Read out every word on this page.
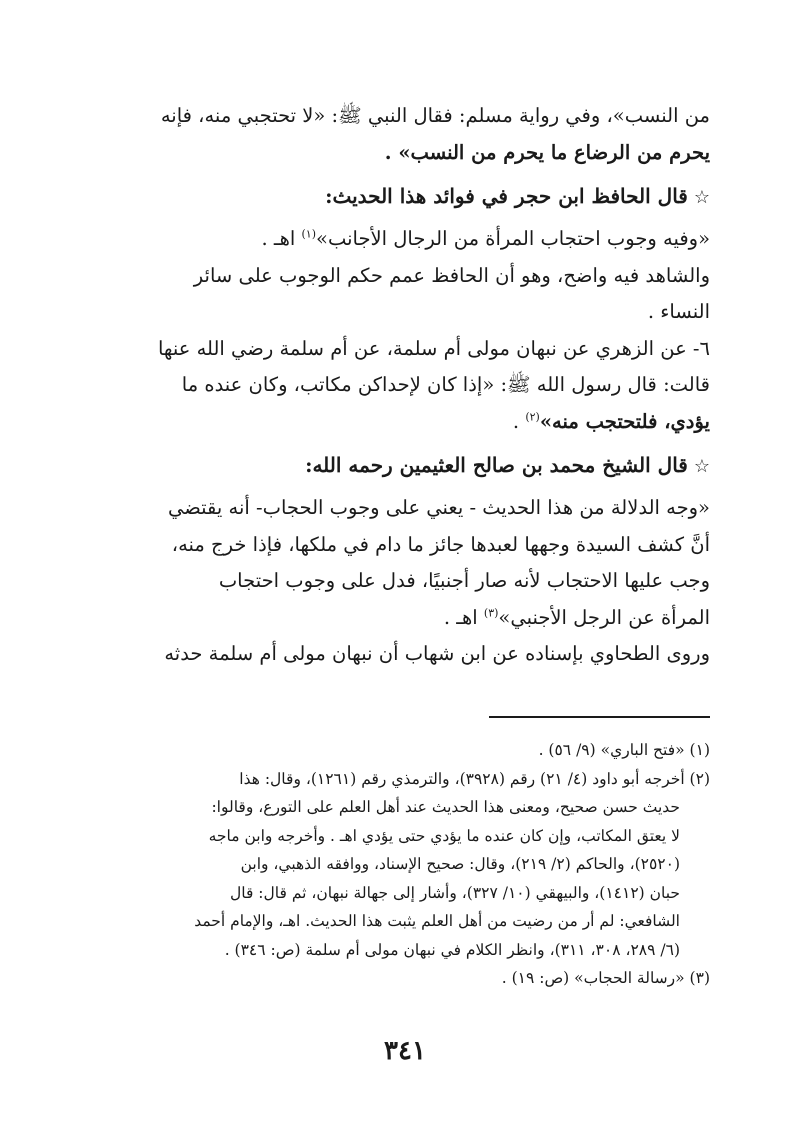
من النسب»، وفي رواية مسلم: فقال النبي ﷺ: «لا تحتجبي منه، فإنه

يحرم من الرضاع ما يحرم من النسب» .

☆قال الحافظ ابن حجر في فوائد هذا الحديث:

«وفيه وجوب احتجاب المرأة من الرجال الأجانب»$^{(١)}$ اهـ .

والشاهد فيه واضح، وهو أن الحافظ عمم حكم الوجوب على سائر

النساء .

٦- عن الزهري عن نبهان مولى أم سلمة، عن أم سلمة رضي الله عنها

قالت: قال رسول الله ﷺ: «إذا كان لإحداكن مكاتب، وكان عنده ما

يؤدي، فلتحتجب منه»$^{(٢)}$ .

☆قال الشيخ محمد بن صالح العثيمين رحمه الله:

«وجه الدلالة من هذا الحديث - يعني على وجوب الحجاب- أنه يقتضي

أنَّ كشف السيدة وجهها لعبدها جائز ما دام في ملكها، فإذا خرج منه،

وجب عليها الاحتجاب لأنه صار أجنبيًا، فدل على وجوب احتجاب

المرأة عن الرجل الأجنبي»$^{(٣)}$ اهـ .

وروى الطحاوي بإسناده عن ابن شهاب أن نبهان مولى أم سلمة حدثه

(١) «فتح الباري» (٩/ ٥٦) .

(٢) أخرجه أبو داود (٤/ ٢١) رقم (٣٩٢٨)، والترمذي رقم (١٢٦١)، وقال: هذا

حديث حسن صحيح، ومعنى هذا الحديث عند أهل العلم على التورع، وقالوا:

لا يعتق المكاتب، وإن كان عنده ما يؤدي حتى يؤدي اهـ . وأخرجه وابن ماجه

(٢٥٢٠)، والحاكم (٢/ ٢١٩)، وقال: صحيح الإسناد، ووافقه الذهبي، وابن

حبان (١٤١٢)، والبيهقي (١٠/ ٣٢٧)، وأشار إلى جهالة نبهان، ثم قال: قال

الشافعي: لم أر من رضيت من أهل العلم يثبت هذا الحديث. اهـ، والإمام أحمد

(٦/ ٢٨٩، ٣٠٨، ٣١١)، وانظر الكلام في نبهان مولى أم سلمة (ص: ٣٤٦) .

(٣) «رسالة الحجاب» (ص: ١٩) .

٣٤١
